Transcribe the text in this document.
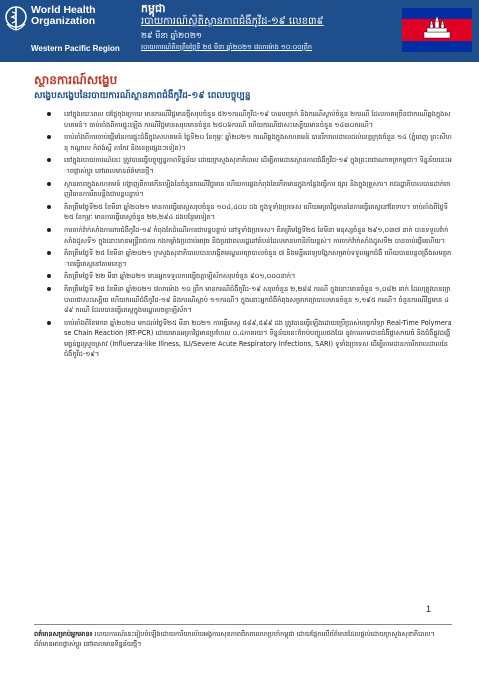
World Health Organization
Western Pacific Region
កម្ពុជា
របាយការណ៍ស្ថិតិស្ថានភាពជំងឺកូវីដ-១៩ លេខ៣៩
២៩ មីនា ឆ្នាំ២០២១
របាយការណ៍គិតត្រឹមថ្ងៃទី ២៥ មីនា ឆ្នាំ២០២១ វេលាម៉ោង ១០:០០ព្រឹក
ស្ថានការណ៍សង្ខេប
សង្ខេបសង្ខេបនៃរបាយការណ៍ស្ថានភាពជំងឺកូវីដ-១៩ ពេលបច្ចុប្បន្ន
នៅក្នុងរយៈពេល ៧ថ្ងៃចុងក្រោយ មានករណីវិជ្ជមានថ្មីសរុបចំនួន ៥២១ករណីកូវីដ-១៩ បានបញ្ជាក់ និងករណីស្លាប់ចំនួន ២ករណី ដែលភាគច្រើនជាករណីឆ្លងក្នុងសហគមន៍។ ចាប់តាំងពីការផ្ទុះឡើង ករណីវិជ្ជមានសរុបមានចំនួន ២៥០៦ករណី ហើយករណីជាសះស្បើយមានចំនួន ១៤៣០ករណី។
ចាប់តាំងពីការចាប់ផ្តើមនៃការផ្ទុះជំងឺក្នុងសហគមន៍ ថ្ងៃទី២០ ខែកុម្ភៈ ឆ្នាំ២០២១ ករណីឆ្លងក្នុងសហគមន៍ បានរីករាលដាលដល់ខេត្តក្រុងចំនួន ១៤ (ភ្នំពេញ ព្រះសីហនុ កណ្តាល កំពង់ស្ពឺ តាកែវ និងខេត្តផ្សេងៗទៀត)។
នៅក្នុងរបាយការណ៍នេះ ត្រូវបានធ្វើបច្ចុប្បន្នភាពទិន្នន័យ ដោយក្រសួងសុខាភិបាល ដើម្បីតាមដានស្ថានភាពជំងឺកូវីដ-១៩ ក្នុងព្រះរាជាណាចក្រកម្ពុជា។ ទិន្នន័យនេះអាចផ្លាស់ប្តូរ នៅពេលមានព័ត៌មានថ្មី។
ស្ថានភាពក្នុងសហគមន៍ បង្ហាញពីការកើនឡើងនៃចំនួនករណីវិជ្ជមាន ហើយការឆ្លងកំពុងតែកើតមានក្នុងកន្លែងធ្វើការ ផ្សារ និងក្នុងគ្រួសារ។ រាជរដ្ឋាភិបាលបានដាក់ចេញវិធានការរឹតបន្តឹងជាបន្តបន្ទាប់។
គិតត្រឹមថ្ងៃទី២៥ ខែមីនា ឆ្នាំ២០២១ មានការធ្វើតេស្តសរុបចំនួន ១០៤,៤០០ ដង ក្នុងទូទាំងប្រទេស ហើយអត្រាវិជ្ជមាននៃការធ្វើតេស្តនៅតែទាប។ ចាប់តាំងពីថ្ងៃទី ២៥ ខែកុម្ភៈ មានការធ្វើតេស្តចំនួន ២២,២៩៤ ដងបន្ថែមទៀត។
ការចាក់វ៉ាក់សាំងការពារជំងឺកូវីដ-១៩ កំពុងតែដំណើរការជាបន្តបន្ទាប់ នៅទូទាំងប្រទេស។ គិតត្រឹមថ្ងៃទី២៥ ខែមីនា មនុស្សចំនួន ២៩១,០៣៧ នាក់ បានទទួលវ៉ាក់សាំងដូសទី១ ក្នុងនោះមានមន្ត្រីរាជការ កងកម្លាំងប្រដាប់អាវុធ និងប្រជាពលរដ្ឋនៅតំបន់ដែលមានហានិភ័យខ្ពស់។ ការចាក់វ៉ាក់សាំងដូសទី២ បានចាប់ផ្តើមហើយ។
គិតត្រឹមថ្ងៃទី ២៥ ខែមីនា ឆ្នាំ២០២១ ក្រសួងសុខាភិបាលបានបង្កើតមណ្ឌលព្យាបាលចំនួន ៧ និងមន្ទីរពេទ្យបង្អែកសម្រាប់ទទួលអ្នកជំងឺ ហើយបានបន្តពង្រឹងសមត្ថភាពធ្វើតេស្តនៅតាមខេត្ត។
គិតត្រឹមថ្ងៃទី ២២ មីនា ឆ្នាំ២០២១ មានអ្នកទទួលការធ្វើចត្តាឡីស័កសរុបចំនួន ៩០១,០០០នាក់។
គិតត្រឹមថ្ងៃទី ២៥ ខែមីនា ឆ្នាំ២០២១ វេលាម៉ោង ១០ ព្រឹក មានករណីជំងឺកូវីដ-១៩ សរុបចំនួន ២,២៨៨ ករណី ក្នុងនោះមានចំនួន ១,០៨២ នាក់ ដែលត្រូវបានព្យាបាលជាសះស្បើយ ហើយករណីជំងឺកូវីដ-១៩ និងករណីស្លាប់ ១១ករណី។ ក្នុងនោះអ្នកជំងឺកំពុងសម្រាកព្យាបាលមានចំនួន ១,១៩៥ ករណី។ ចំនួនករណីវិជ្ជមាន ៤៨៩ ករណី ដែលបានធ្វើតេស្តក្នុងមណ្ឌលចត្តាឡីស័ក។
ចាប់តាំងពីខែមករា ឆ្នាំ២០២០ មកដល់ថ្ងៃទី២៥ មីនា ២០២១ ការធ្វើតេស្ត ៥៨៩,៥៩៩ ដង ត្រូវបានធ្វើឡើងដោយប្រើប្រាស់បច្ចេកវិទ្យា Real-Time Polymerase Chain Reaction (RT-PCR) ដោយមានអត្រាវិជ្ជមានប្រហែល ០.៤ភាគរយ។ ទិន្នន័យនេះក៏រាប់បញ្ចូលផងដែរ នូវការតាមដានជំងឺផ្តាសាយធំ និងជំងឺផ្លូវដង្ហើមធ្ងន់ធ្ងរស្រួចស្រាវ (Influenza-like Illness, ILI/Severe Acute Respiratory Infections, SARI) ទូទាំងប្រទេស ដើម្បីតាមដានការរីករាលដាលនៃជំងឺកូវីដ-១៩។
1
ពត៌មានសម្រាប់អ្នកអាន៖ របាយការណ៍នេះរៀបចំឡើងដោយការិយាល័យអង្គការសុខភាពពិភពលោកប្រចាំកម្ពុជា ដោយផ្អែកលើព័ត៌មានដែលផ្តល់ដោយក្រសួងសុខាភិបាល។ ព័ត៌មានអាចផ្លាស់ប្តូរ នៅពេលមានទិន្នន័យថ្មី។
